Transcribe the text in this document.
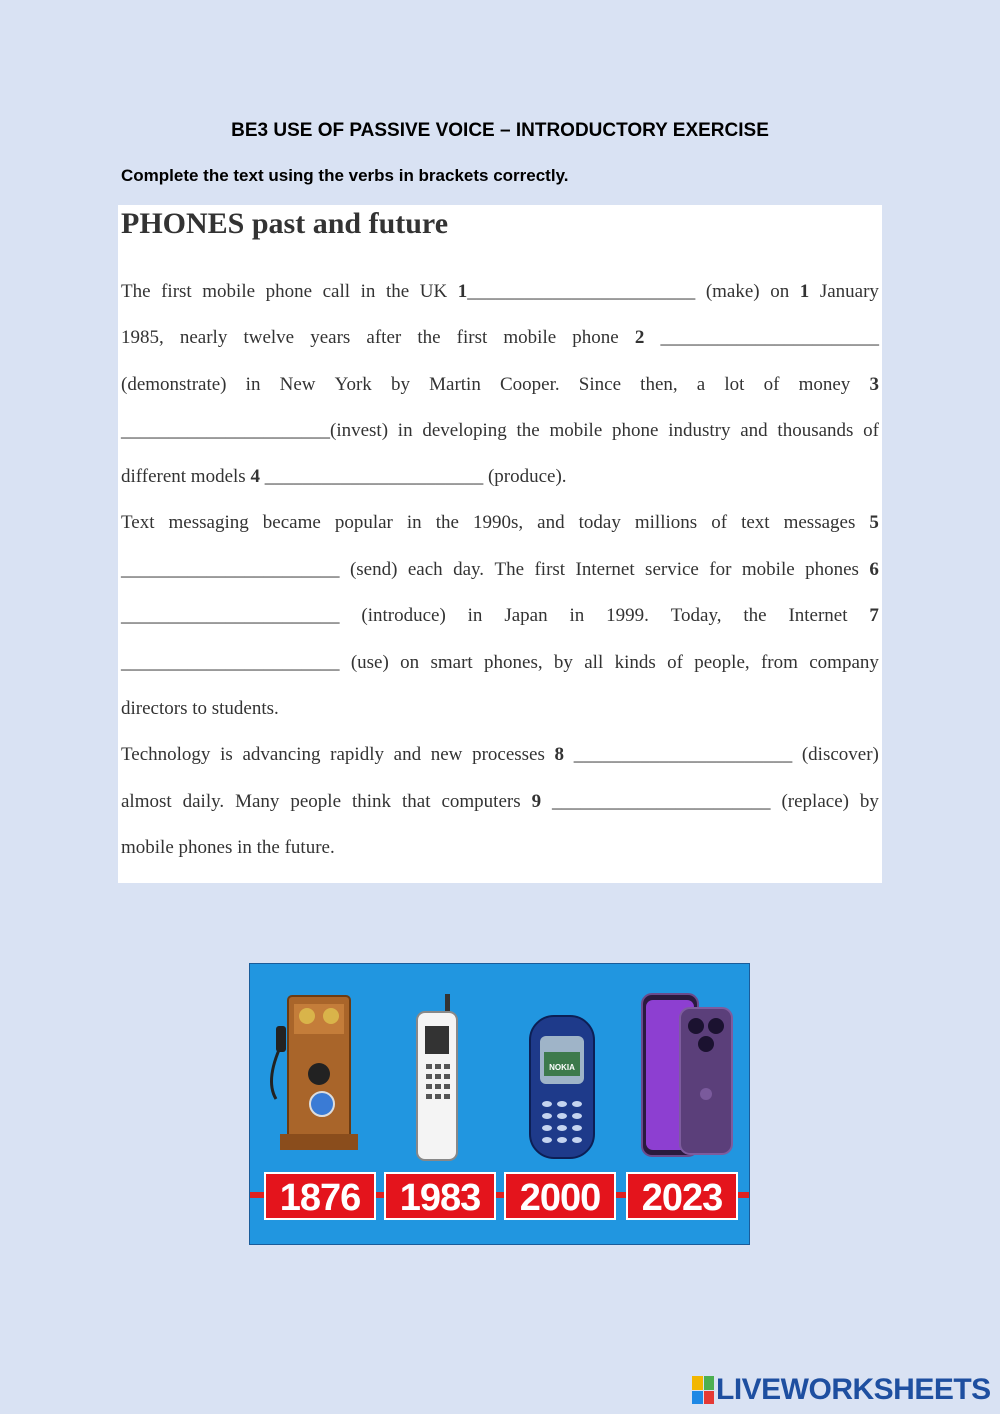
BE3 USE OF PASSIVE VOICE – INTRODUCTORY EXERCISE
Complete the text using the verbs in brackets correctly.
PHONES past and future
The first mobile phone call in the UK 1________________________ (make) on 1 January
1985, nearly twelve years after the first mobile phone 2 _______________________
(demonstrate) in New York by Martin Cooper. Since then, a lot of money 3
______________________(invest) in developing the mobile phone industry and thousands of
different models 4 _______________________ (produce).
Text messaging became popular in the 1990s, and today millions of text messages 5
_______________________ (send) each day. The first Internet service for mobile phones 6
_______________________ (introduce) in Japan in 1999. Today, the Internet 7
_______________________ (use) on smart phones, by all kinds of people, from company
directors to students.
Technology is advancing rapidly and new processes 8 _______________________ (discover)
almost daily. Many people think that computers 9 _______________________ (replace) by
mobile phones in the future.
NOKIA
1876	1983	2000	2023
LIVEWORKSHEETS
